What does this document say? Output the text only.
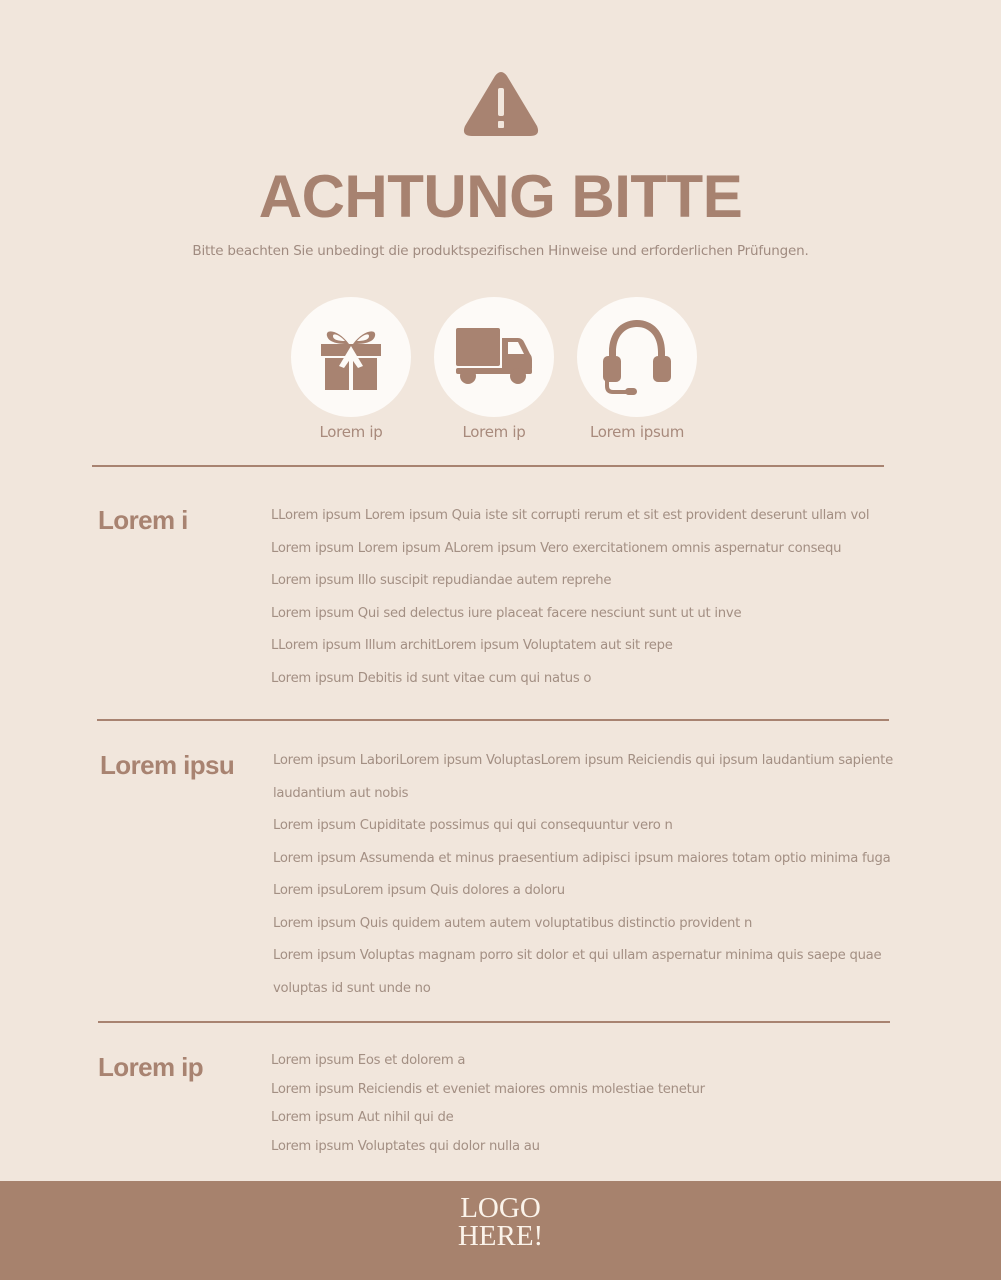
ACHTUNG BITTE
Bitte beachten Sie unbedingt die produktspezifischen Hinweise und erforderlichen Prüfungen.
Lorem ip	Lorem ip	Lorem ipsum
Lorem i	LLorem ipsum Lorem ipsum Quia iste sit corrupti rerum et sit est provident deserunt ullam vol
Lorem ipsum Lorem ipsum ALorem ipsum Vero exercitationem omnis aspernatur consequ
Lorem ipsum Illo suscipit repudiandae autem reprehe
Lorem ipsum Qui sed delectus iure placeat facere nesciunt sunt ut ut inve
LLorem ipsum Illum architLorem ipsum Voluptatem aut sit repe
Lorem ipsum Debitis id sunt vitae cum qui natus o
Lorem ipsu	Lorem ipsum LaboriLorem ipsum VoluptasLorem ipsum Reiciendis qui ipsum laudantium sapiente
laudantium aut nobis
Lorem ipsum Cupiditate possimus qui qui consequuntur vero n
Lorem ipsum Assumenda et minus praesentium adipisci ipsum maiores totam optio minima fuga
Lorem ipsuLorem ipsum Quis dolores a doloru
Lorem ipsum Quis quidem autem autem voluptatibus distinctio provident n
Lorem ipsum Voluptas magnam porro sit dolor et qui ullam aspernatur minima quis saepe quae
voluptas id sunt unde no
Lorem ip	Lorem ipsum Eos et dolorem a
Lorem ipsum Reiciendis et eveniet maiores omnis molestiae tenetur
Lorem ipsum Aut nihil qui de
Lorem ipsum Voluptates qui dolor nulla au
LOGO
HERE!
